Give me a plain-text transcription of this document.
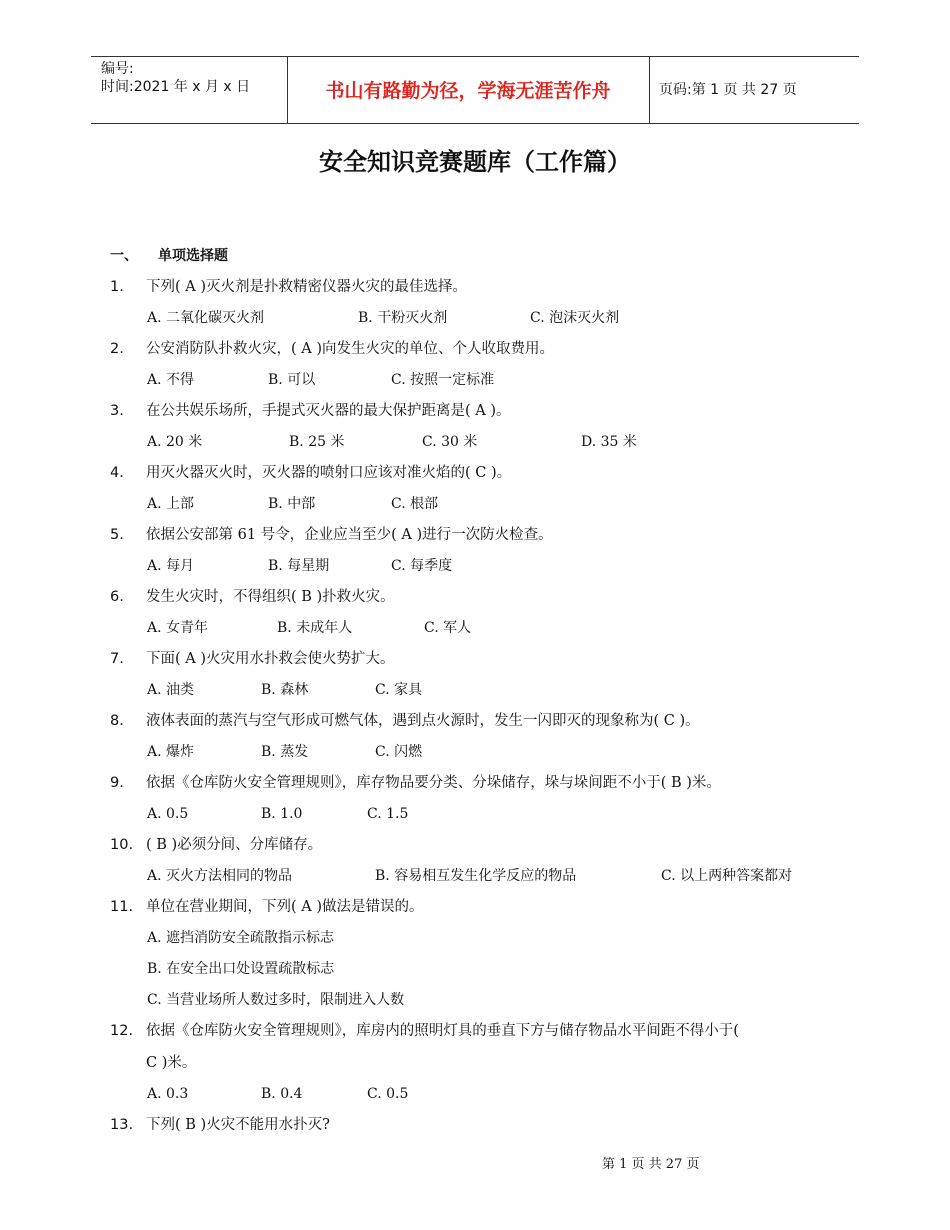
编号:
时间:2021 年 x 月 x 日	书山有路勤为径，学海无涯苦作舟	页码:第 1 页 共 27 页
安全知识竞赛题库（工作篇）
一、 单项选择题
1. 下列( A )灭火剂是扑救精密仪器火灾的最佳选择。
A. 二氧化碳灭火剂	B. 干粉灭火剂	C. 泡沫灭火剂
2. 公安消防队扑救火灾，( A )向发生火灾的单位、个人收取费用。
A. 不得	B. 可以	C. 按照一定标准
3. 在公共娱乐场所，手提式灭火器的最大保护距离是( A )。
A. 20 米	B. 25 米	C. 30 米	D. 35 米
4. 用灭火器灭火时，灭火器的喷射口应该对准火焰的( C )。
A. 上部	B. 中部	C. 根部
5. 依据公安部第 61 号令，企业应当至少( A )进行一次防火检查。
A. 每月	B. 每星期	C. 每季度
6. 发生火灾时，不得组织( B )扑救火灾。
A. 女青年	B. 未成年人	C. 军人
7. 下面( A )火灾用水扑救会使火势扩大。
A. 油类	B. 森林	C. 家具
8. 液体表面的蒸汽与空气形成可燃气体，遇到点火源时，发生一闪即灭的现象称为( C )。
A. 爆炸	B. 蒸发	C. 闪燃
9. 依据《仓库防火安全管理规则》，库存物品要分类、分垛储存，垛与垛间距不小于( B )米。
A. 0.5	B. 1.0	C. 1.5
10. ( B )必须分间、分库储存。
A. 灭火方法相同的物品	B. 容易相互发生化学反应的物品	C. 以上两种答案都对
11. 单位在营业期间，下列( A )做法是错误的。
A. 遮挡消防安全疏散指示标志
B. 在安全出口处设置疏散标志
C. 当营业场所人数过多时，限制进入人数
12. 依据《仓库防火安全管理规则》，库房内的照明灯具的垂直下方与储存物品水平间距不得小于(
C )米。
A. 0.3	B. 0.4	C. 0.5
13. 下列( B )火灾不能用水扑灭?
第 1 页 共 27 页
